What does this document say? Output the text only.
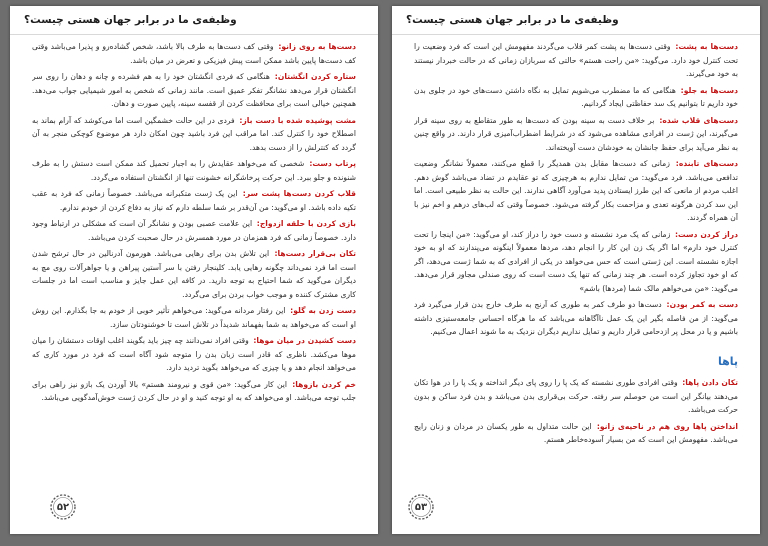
وظیفه‌ی ما در برابر جهان هستی چیست؟

دست‌ها به روی زانو: وقتی کف دست‌ها به طرف بالا باشد، شخص گشاده‌رو و پذیرا می‌باشد وقتی کف دست‌ها پایین باشد ممکن است پیش فیزیکی و تعرض در میان باشد.

ستاره کردن انگشتان: هنگامی که فردی انگشتان خود را به هم فشرده و چانه و دهان را روی سر انگشتان قرار می‌دهد نشانگر تفکر عمیق است. مانند زمانی که شخص به امور شیمیایی جواب می‌دهد. همچنین خیالی است برای محافظت کردن از قفسه سینه، پایین صورت و دهان.

مشت پوشیده شده با دست باز: فردی در این حالت خشمگین است اما می‌کوشد که آرام بماند به اصطلاح خود را کنترل کند. اما مراقب این فرد باشید چون امکان دارد هر موضوع کوچکی منجر به آن گردد که کنترلش را از دست بدهد.

پرتاب دست: شخصی که می‌خواهد عقایدش را به اجبار تحمیل کند ممکن است دستش را به طرف شنونده و جلو ببرد. این حرکت پرخاشگرانه خشونت تنها از انگشتان استفاده می‌گردد.

قلاب کردن دست‌ها پشت سر: این یک ژست متکبرانه می‌باشد. خصوصاً زمانی که فرد به عقب تکیه داده باشد. او می‌گوید: من آن‌قدر بر شما سلطه دارم که نیاز به دفاع کردن از خودم ندارم.

بازی کردن با حلقه ازدواج: این علامت عصبی بودن و نشانگر آن است که مشکلی در ارتباط وجود دارد. خصوصاً زمانی که فرد همزمان در مورد همسرش در حال صحبت کردن می‌باشد.

تکان بی‌قرار دست‌ها: این تلاش بدن برای رهایی می‌باشد. هورمون آدرنالین در حال ترشح شدن است اما فرد نمی‌داند چگونه رهایی یابد. کلینجار رفتن با سر آستین پیراهن و یا جواهرآلات روی مچ به دیگران می‌گوید که شما احتیاج به توجه دارید. در کافه این عمل جایز و مناسب است اما در جلسات کاری مشترک کننده و موجب خواب بردن برای می‌گردد.

دست زدن به گلو: این رفتار مردانه می‌گوید: می‌خواهم تأثیر خوبی از خودم به جا بگذارم. این روش او است که می‌خواهد به شما بفهماند شدیداً در تلاش است تا خوشنودتان سازد.

دست کشیدن در میان موها: وقتی افراد نمی‌دانند چه چیز باید بگویند اغلب اوقات دستشان را میان موها می‌کشد. ناظری که قادر است زبان بدن را متوجه شود آگاه است که فرد در مورد کاری که می‌خواهد انجام دهد و یا چیزی که می‌خواهد بگوید تردید دارد.

خم کردن بازوها: این کار می‌گوید: «من قوی و نیرومند هستم» بالا آوردن یک بازو نیز راهی برای جلب توجه می‌باشد. او می‌خواهد که به او توجه کنید و او در حال کردن ژست خوش‌آمدگویی می‌باشد.

۵۲
وظیفه‌ی ما در برابر جهان هستی چیست؟

دست‌ها به پشت: وقتی دست‌ها به پشت کمر قلاب می‌گردند مفهومش این است که فرد وضعیت را تحت کنترل خود دارد. می‌گوید: «من راحت هستم» حالتی که سربازان زمانی که در حالت خبردار نیستند به خود می‌گیرند.

دست‌ها به جلو: هنگامی که ما مضطرب می‌شویم تمایل به نگاه داشتن دست‌های خود در جلوی بدن خود داریم تا بتوانیم یک سد حفاظتی ایجاد گردانیم.

دست‌های قلاب شده: بر خلاف دست به سینه بودن که دست‌ها به طور متقاطع به روی سینه قرار می‌گیرند، این ژست در افرادی مشاهده می‌شود که در شرایط اضطراب‌آمیزی قرار دارند. در واقع چنین به نظر می‌آید برای حفظ جانشان به خودشان دست آویخته‌اند.

دست‌های تابنده: زمانی که دست‌ها مقابل بدن همدیگر را قطع می‌کنند، معمولاً نشانگر وضعیت تدافعی می‌باشد. فرد می‌گوید: من تمایل ندارم به هرچیزی که تو عقایدم در تضاد می‌باشد گوش دهم. اغلب مردم از مانعی که این طرز ایستادن پدید می‌آورد آگاهی ندارند. این حالت به نظر طبیعی است. اما این سد کردن هرگونه تعدی و مزاحمت بکار گرفته می‌شود. خصوصاً وقتی که لب‌های درهم و اخم نیز با آن همراه گردند.

دراز کردن دست: زمانی که یک مرد نشسته و دست خود را دراز کند، او می‌گوید: «من اینجا را تحت کنترل خود دارم» اما اگر یک زن این کار را انجام دهد، مردها معمولاً اینگونه می‌پندارند که او به خود اجازه نشسته است. این ژستی است که حس می‌خواهد در یکی از افرادی که به شما ژست می‌دهد، اگر که او خود تجاوز کرده است. هر چند زمانی که تنها یک دست است که روی صندلی مجاور قرار می‌دهد. می‌گوید: «من می‌خواهم مالک شما (مردها) باشم»

دست به کمر بودن: دست‌ها دو طرف کمر به طوری که آرنج به طرف خارج بدن قرار می‌گیرد فرد می‌گوید: از من فاصله بگیر این یک عمل ناآگاهانه می‌باشد که ما هرگاه احساس جامعه‌ستیزی داشته باشیم و یا در محل پر ازدحامی قرار داریم و تمایل نداریم دیگران نزدیک به ما شوند اعمال می‌کنیم.

پاها

تکان دادن پاها: وقتی افرادی طوری نشسته که یک پا را روی پای دیگر انداخته و یک پا را در هوا تکان می‌دهند بیانگر این است من حوصلم سر رفته. حرکت بی‌قراری بدن می‌باشد و بدن فرد ساکن و بدون حرکت می‌باشد.

انداختن پاها روی هم در ناحیه‌ی زانو: این حالت متداول به طور یکسان در مردان و زنان رایج می‌باشد. مفهومش این است که من بسیار آسوده‌خاطر هستم.

۵۳
